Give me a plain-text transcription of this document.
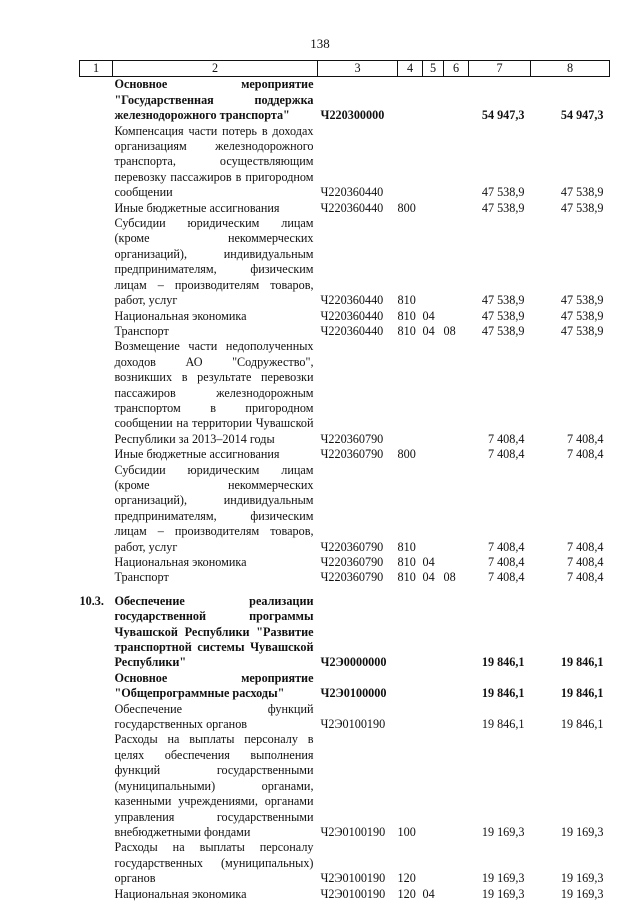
138
1	2	3	4	5	6	7	8
	Основное мероприятие "Государственная поддержка железнодорожного транспорта"	Ч220300000				54 947,3	54 947,3
	Компенсация части потерь в доходах организациям железнодорожного транспорта, осуществляющим перевозку пассажиров в пригородном сообщении	Ч220360440				47 538,9	47 538,9
	Иные бюджетные ассигнования	Ч220360440	800			47 538,9	47 538,9
	Субсидии юридическим лицам (кроме некоммерческих организаций), индивидуальным предпринимателям, физическим лицам – производителям товаров, работ, услуг	Ч220360440	810			47 538,9	47 538,9
	Национальная экономика	Ч220360440	810	04		47 538,9	47 538,9
	Транспорт	Ч220360440	810	04	08	47 538,9	47 538,9
	Возмещение части недополученных доходов АО "Содружество", возникших в результате перевозки пассажиров железнодорожным транспортом в пригородном сообщении на территории Чувашской Республики за 2013–2014 годы	Ч220360790				7 408,4	7 408,4
	Иные бюджетные ассигнования	Ч220360790	800			7 408,4	7 408,4
	Субсидии юридическим лицам (кроме некоммерческих организаций), индивидуальным предпринимателям, физическим лицам – производителям товаров, работ, услуг	Ч220360790	810			7 408,4	7 408,4
	Национальная экономика	Ч220360790	810	04		7 408,4	7 408,4
	Транспорт	Ч220360790	810	04	08	7 408,4	7 408,4
10.3.	Обеспечение реализации государственной программы Чувашской Республики "Развитие транспортной системы Чувашской Республики"	Ч2Э0000000				19 846,1	19 846,1
	Основное мероприятие "Общепрограммные расходы"	Ч2Э0100000				19 846,1	19 846,1
	Обеспечение функций государственных органов	Ч2Э0100190				19 846,1	19 846,1
	Расходы на выплаты персоналу в целях обеспечения выполнения функций государственными (муниципальными) органами, казенными учреждениями, органами управления государственными внебюджетными фондами	Ч2Э0100190	100			19 169,3	19 169,3
	Расходы на выплаты персоналу государственных (муниципальных) органов	Ч2Э0100190	120			19 169,3	19 169,3
	Национальная экономика	Ч2Э0100190	120	04		19 169,3	19 169,3
